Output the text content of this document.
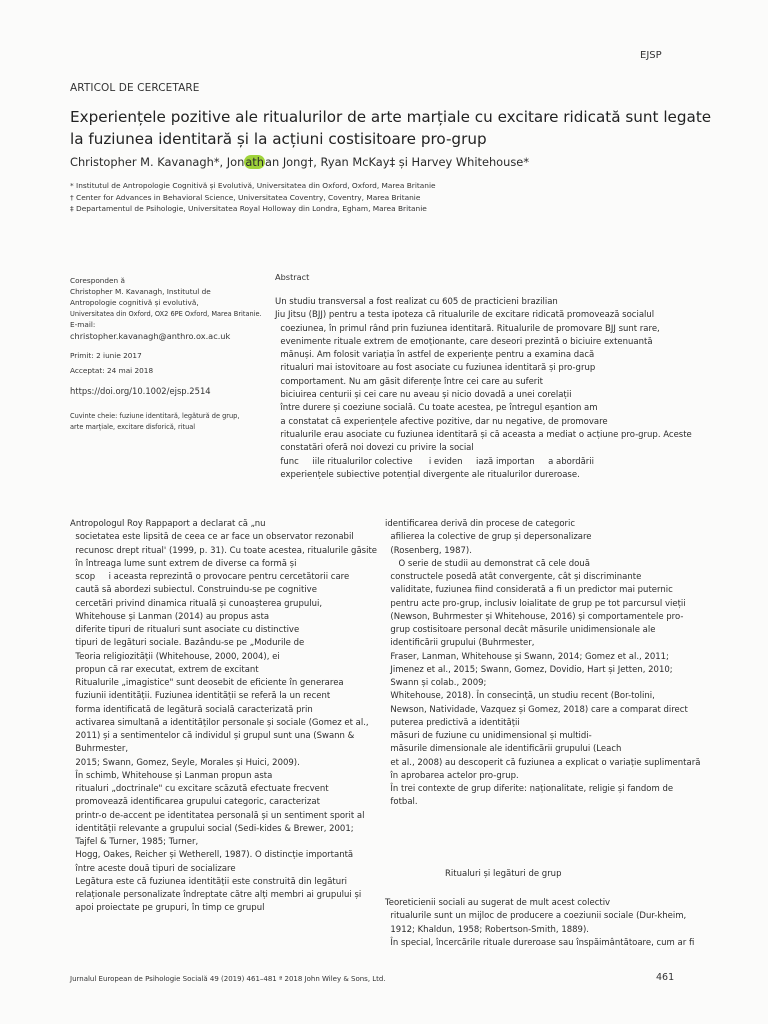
EJSP
ARTICOL DE CERCETARE
Experiențele pozitive ale ritualurilor de arte marțiale cu excitare ridicată sunt legate
la fuziunea identitară și la acțiuni costisitoare pro-grup
Christopher M. Kavanagh*, Jonathan Jong†, Ryan McKay‡ și Harvey Whitehouse*
* Institutul de Antropologie Cognitivă și Evolutivă, Universitatea din Oxford, Oxford, Marea Britanie
† Center for Advances in Behavioral Science, Universitatea Coventry, Coventry, Marea Britanie
‡ Departamentul de Psihologie, Universitatea Royal Holloway din Londra, Egham, Marea Britanie
Coresponden ă
Christopher M. Kavanagh, Institutul de
Antropologie cognitivă și evolutivă,
Universitatea din Oxford, OX2 6PE Oxford, Marea Britanie.
E-mail:
christopher.kavanagh@anthro.ox.ac.uk
Primit: 2 iunie 2017
Acceptat: 24 mai 2018
https://doi.org/10.1002/ejsp.2514
Cuvinte cheie: fuziune identitară, legătură de grup,
arte marțiale, excitare disforică, ritual
Abstract
Un studiu transversal a fost realizat cu 605 de practicieni brazilian
Jiu Jitsu (BJJ) pentru a testa ipoteza că ritualurile de excitare ridicată promovează socialul
coeziunea, în primul rând prin fuziunea identitară. Ritualurile de promovare BJJ sunt rare,
evenimente rituale extrem de emoționante, care deseori prezintă o biciuire extenuantă
mănuși. Am folosit variația în astfel de experiențe pentru a examina dacă
ritualuri mai istovitoare au fost asociate cu fuziunea identitară și pro-grup
comportament. Nu am găsit diferențe între cei care au suferit
biciuirea centurii și cei care nu aveau și nicio dovadă a unei corelații
între durere și coeziune socială. Cu toate acestea, pe întregul eșantion am
a constatat că experiențele afective pozitive, dar nu negative, de promovare
ritualurile erau asociate cu fuziunea identitară și că aceasta a mediat o acțiune pro-grup. Aceste
constatări oferă noi dovezi cu privire la social
func     iile ritualurilor colective      i eviden     iază importan     a abordării
experiențele subiective potențial divergente ale ritualurilor dureroase.
Antropologul Roy Rappaport a declarat că „nu
societatea este lipsită de ceea ce ar face un observator rezonabil
recunosc drept ritual' (1999, p. 31). Cu toate acestea, ritualurile găsite
în întreaga lume sunt extrem de diverse ca formă și
scop     i aceasta reprezintă o provocare pentru cercetătorii care
caută să abordezi subiectul. Construindu-se pe cognitive
cercetări privind dinamica rituală și cunoașterea grupului,
Whitehouse și Lanman (2014) au propus asta
diferite tipuri de ritualuri sunt asociate cu distinctive
tipuri de legături sociale. Bazându-se pe „Modurile de
Teoria religiozității (Whitehouse, 2000, 2004), ei
propun că rar executat, extrem de excitant
Ritualurile „imagistice" sunt deosebit de eficiente în generarea
fuziunii identității. Fuziunea identității se referă la un recent
forma identificată de legătură socială caracterizată prin
activarea simultană a identităților personale și sociale (Gomez et al.,
2011) și a sentimentelor că individul și grupul sunt una (Swann &
Buhrmester,
2015; Swann, Gomez, Seyle, Morales și Huici, 2009).
În schimb, Whitehouse și Lanman propun asta
ritualuri „doctrinale" cu excitare scăzută efectuate frecvent
promovează identificarea grupului categoric, caracterizat
printr-o de-accent pe identitatea personală și un sentiment sporit al
identității relevante a grupului social (Sedi-kides & Brewer, 2001;
Tajfel & Turner, 1985; Turner,
Hogg, Oakes, Reicher și Wetherell, 1987). O distincție importantă
între aceste două tipuri de socializare
Legătura este că fuziunea identității este construită din legături
relaționale personalizate îndreptate către alți membri ai grupului și
apoi proiectate pe grupuri, în timp ce grupul
identificarea derivă din procese de categoric
afilierea la colective de grup și depersonalizare
(Rosenberg, 1987).
O serie de studii au demonstrat că cele două
constructele posedă atât convergente, cât și discriminante
validitate, fuziunea fiind considerată a fi un predictor mai puternic
pentru acte pro-grup, inclusiv loialitate de grup pe tot parcursul vieții
(Newson, Buhrmester și Whitehouse, 2016) și comportamentele pro-
grup costisitoare personal decât măsurile unidimensionale ale
identificării grupului (Buhrmester,
Fraser, Lanman, Whitehouse și Swann, 2014; Gomez et al., 2011;
Jimenez et al., 2015; Swann, Gomez, Dovidio, Hart și Jetten, 2010;
Swann și colab., 2009;
Whitehouse, 2018). În consecință, un studiu recent (Bor-tolini,
Newson, Natividade, Vazquez și Gomez, 2018) care a comparat direct
puterea predictivă a identității
măsuri de fuziune cu unidimensional și multidi-
măsurile dimensionale ale identificării grupului (Leach
et al., 2008) au descoperit că fuziunea a explicat o variație suplimentară
în aprobarea actelor pro-grup.
În trei contexte de grup diferite: naționalitate, religie și fandom de
fotbal.
Ritualuri și legături de grup
Teoreticienii sociali au sugerat de mult acest colectiv
ritualurile sunt un mijloc de producere a coeziunii sociale (Dur-kheim,
1912; Khaldun, 1958; Robertson-Smith, 1889).
În special, încercările rituale dureroase sau înspăimântătoare, cum ar fi
Jurnalul European de Psihologie Socială 49 (2019) 461–481 ª 2018 John Wiley & Sons, Ltd.	461
